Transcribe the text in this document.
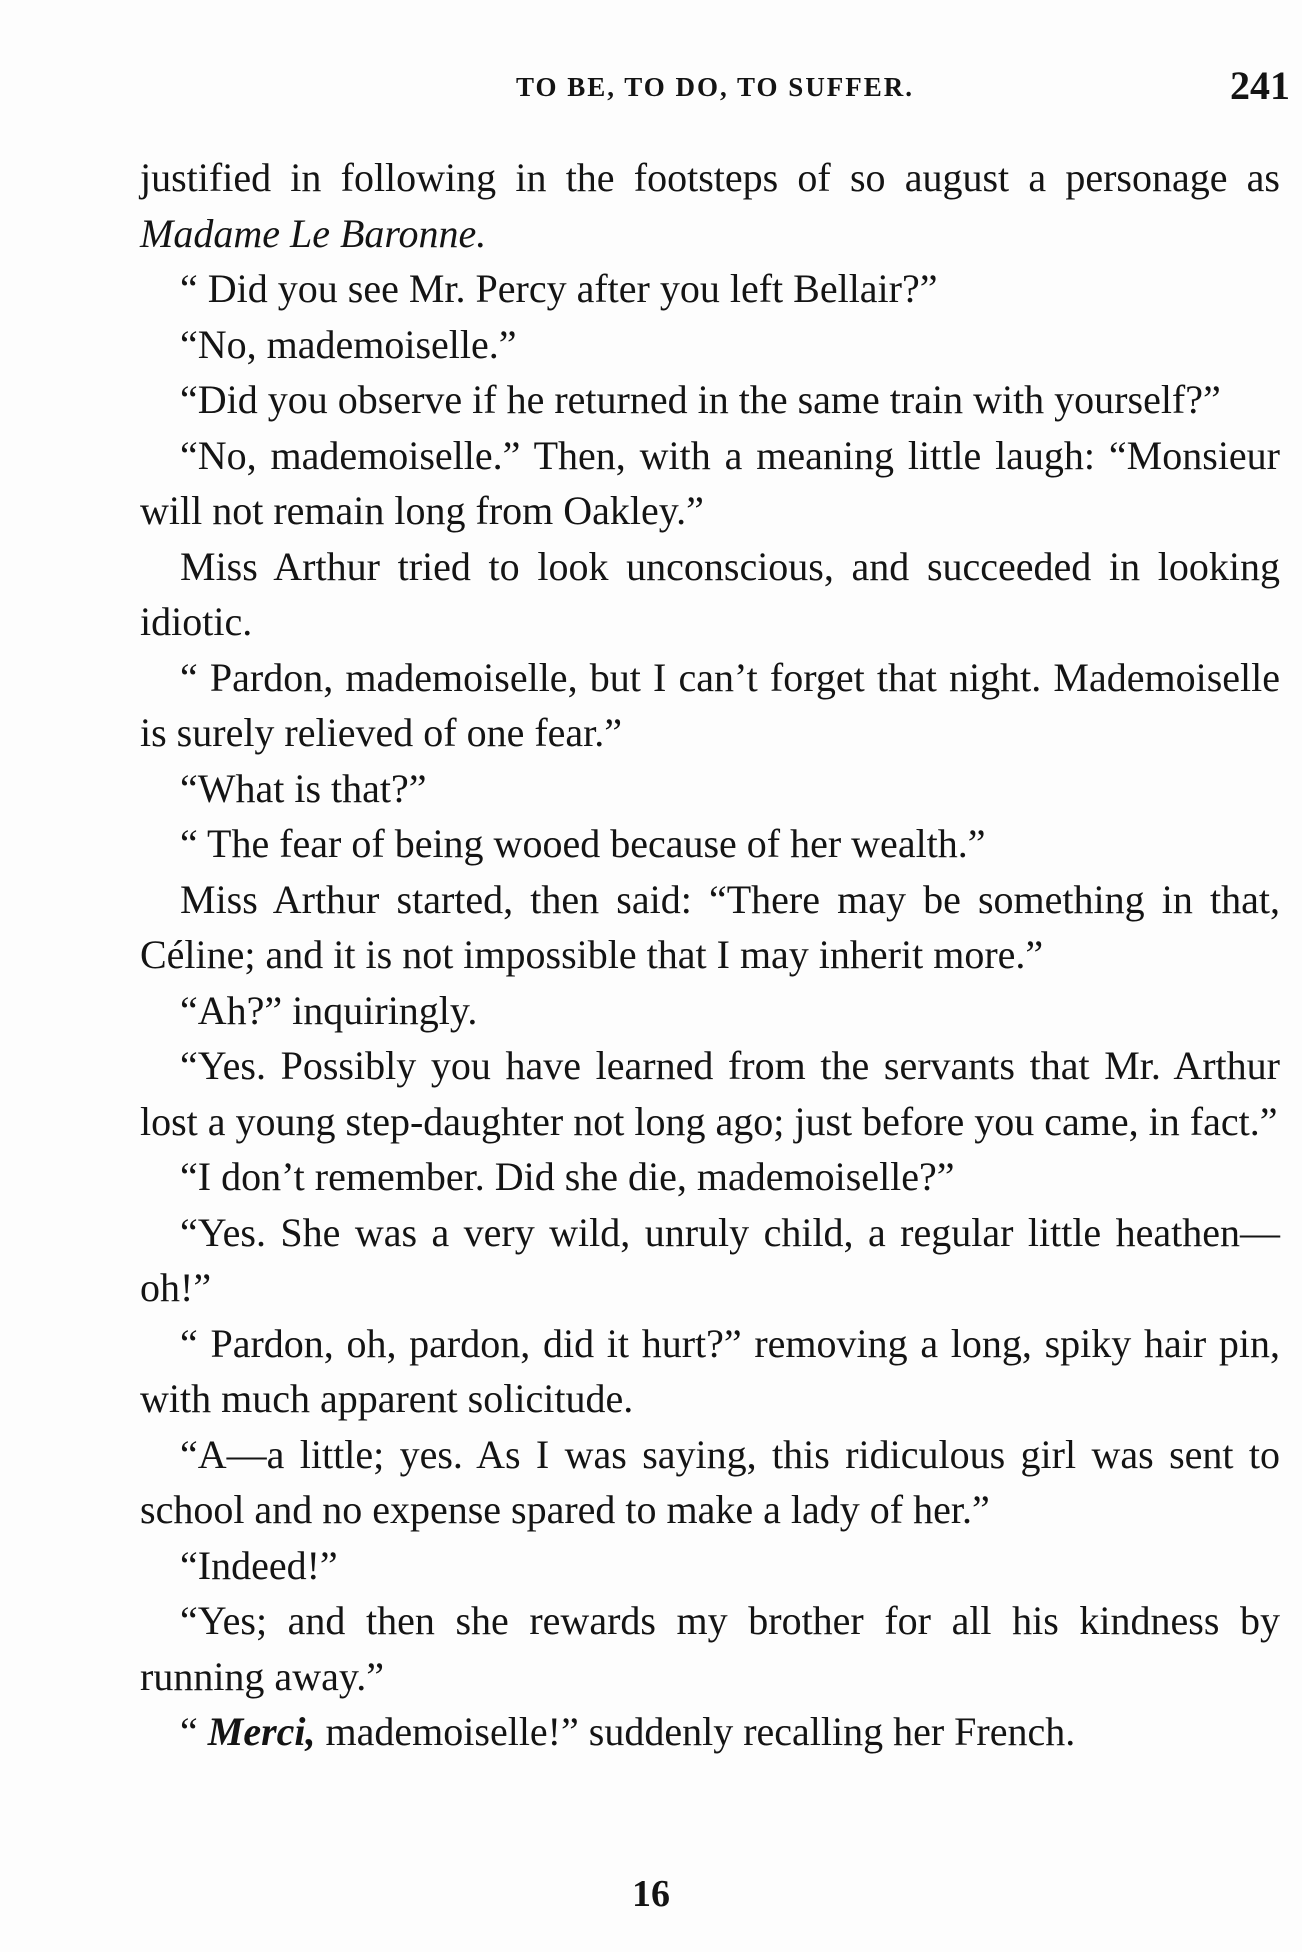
TO BE, TO DO, TO SUFFER.	241

justified in following in the footsteps of so august a personage as Madame Le Baronne.

“ Did you see Mr. Percy after you left Bellair?”

“No, mademoiselle.”

“Did you observe if he returned in the same train with yourself?”

“No, mademoiselle.” Then, with a meaning little laugh: “Monsieur will not remain long from Oakley.”

Miss Arthur tried to look unconscious, and succeeded in looking idiotic.

“ Pardon, mademoiselle, but I can’t forget that night. Mademoiselle is surely relieved of one fear.”

“What is that?”

“ The fear of being wooed because of her wealth.”

Miss Arthur started, then said: “There may be something in that, Céline; and it is not impossible that I may inherit more.”

“Ah?” inquiringly.

“Yes. Possibly you have learned from the servants that Mr. Arthur lost a young step-daughter not long ago; just before you came, in fact.”

“I don’t remember. Did she die, mademoiselle?”

“Yes. She was a very wild, unruly child, a regular little heathen—oh!”

“ Pardon, oh, pardon, did it hurt?” removing a long, spiky hair pin, with much apparent solicitude.

“A—a little; yes. As I was saying, this ridiculous girl was sent to school and no expense spared to make a lady of her.”

“Indeed!”

“Yes; and then she rewards my brother for all his kindness by running away.”

“ Merci, mademoiselle!” suddenly recalling her French.

16
